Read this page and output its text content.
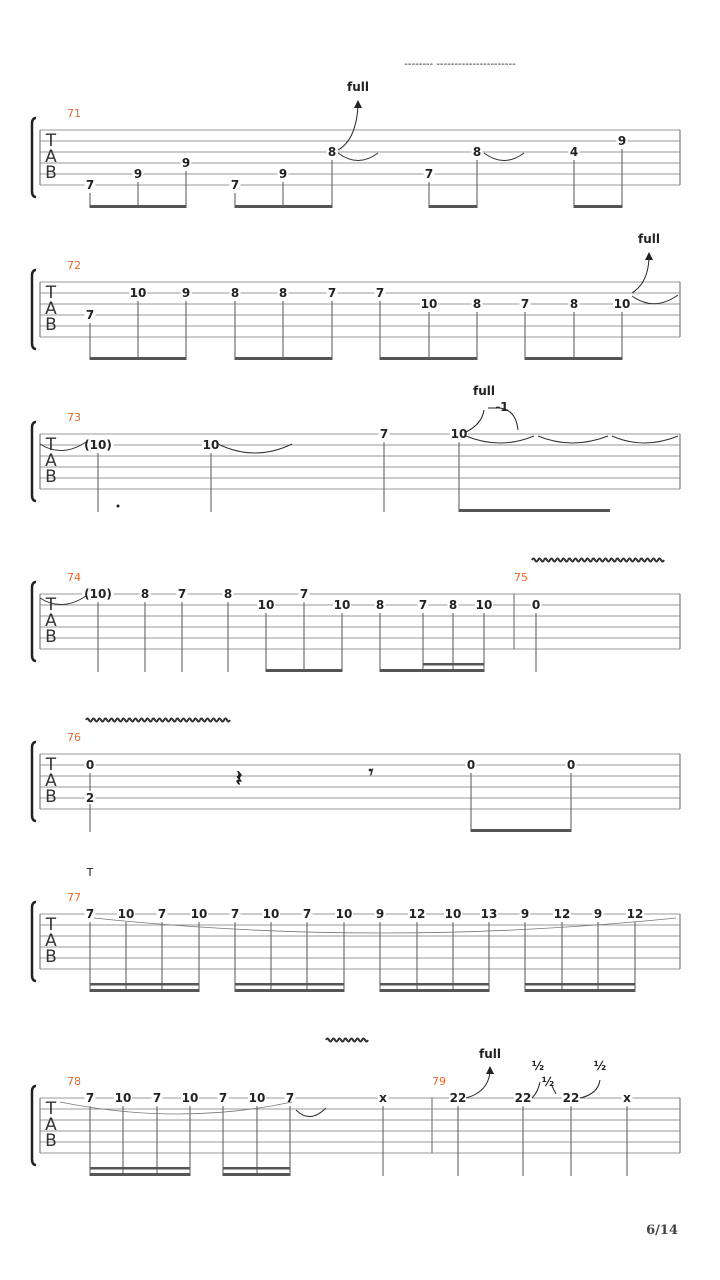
T
A
B
71
7
9
9
7
9
8
7
8	4
9
T
A
B
72
7
10	9	8	8	7	7
10	8	7	8	10
T
A
B
73
(10)	10
7	10
T
A
B
74	75
(10) 8 7	8
10
7
10 8	7 8 10	0
T
A
B
76
0
2
0	0
T
A
B
77
7 10 7 10 7 10 7 10 9 12 10 13 9 12 9 12
T
A
B
78	79
7 10 7 10 7 10 7	x	22	22	22	x
full
-------- ----------------------
full
full
-1
𝄽	𝄾
T
full
½
½
½
6/14
